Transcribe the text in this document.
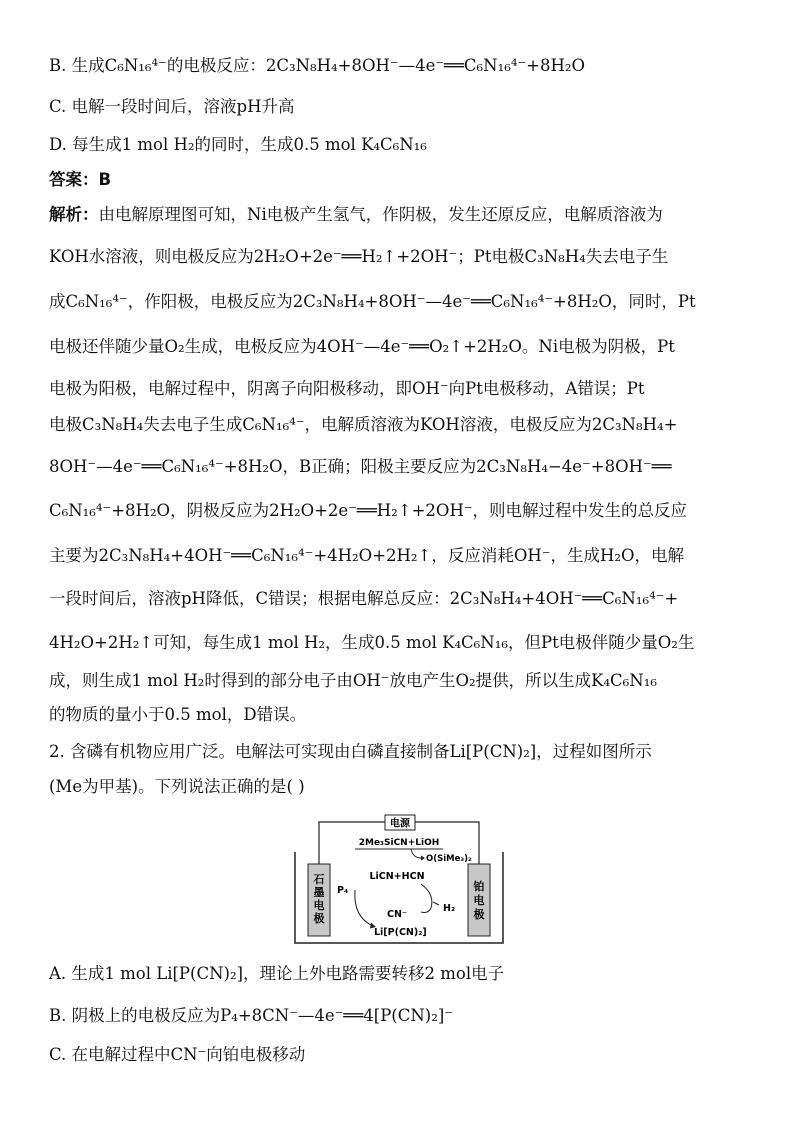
B. 生成C₆N₁₆⁴⁻的电极反应：2C₃N₈H₄+8OH⁻—4e⁻══C₆N₁₆⁴⁻+8H₂O
C. 电解一段时间后，溶液pH升高
D. 每生成1 mol H₂的同时，生成0.5 mol K₄C₆N₁₆
答案：B
解析：由电解原理图可知，Ni电极产生氢气，作阴极，发生还原反应，电解质溶液为
KOH水溶液，则电极反应为2H₂O+2e⁻══H₂↑+2OH⁻；Pt电极C₃N₈H₄失去电子生
成C₆N₁₆⁴⁻，作阳极，电极反应为2C₃N₈H₄+8OH⁻—4e⁻══C₆N₁₆⁴⁻+8H₂O，同时，Pt
电极还伴随少量O₂生成，电极反应为4OH⁻—4e⁻══O₂↑+2H₂O。Ni电极为阴极，Pt
电极为阳极，电解过程中，阴离子向阳极移动，即OH⁻向Pt电极移动，A错误；Pt
电极C₃N₈H₄失去电子生成C₆N₁₆⁴⁻，电解质溶液为KOH溶液，电极反应为2C₃N₈H₄+
8OH⁻—4e⁻══C₆N₁₆⁴⁻+8H₂O，B正确；阳极主要反应为2C₃N₈H₄−4e⁻+8OH⁻══
C₆N₁₆⁴⁻+8H₂O，阴极反应为2H₂O+2e⁻══H₂↑+2OH⁻，则电解过程中发生的总反应
主要为2C₃N₈H₄+4OH⁻══C₆N₁₆⁴⁻+4H₂O+2H₂↑，反应消耗OH⁻，生成H₂O，电解
一段时间后，溶液pH降低，C错误；根据电解总反应：2C₃N₈H₄+4OH⁻══C₆N₁₆⁴⁻+
4H₂O+2H₂↑可知，每生成1 mol H₂，生成0.5 mol K₄C₆N₁₆，但Pt电极伴随少量O₂生
成，则生成1 mol H₂时得到的部分电子由OH⁻放电产生O₂提供，所以生成K₄C₆N₁₆
的物质的量小于0.5 mol，D错误。
2. 含磷有机物应用广泛。电解法可实现由白磷直接制备Li[P(CN)₂]，过程如图所示
(Me为甲基)。下列说法正确的是( )
电源
石
墨
电
极
铂
电
极
2Me₃SiCN+LiOH
O(SiMe₃)₂
LiCN+HCN
P₄
H₂
CN⁻
Li[P(CN)₂]
A. 生成1 mol Li[P(CN)₂]，理论上外电路需要转移2 mol电子
B. 阴极上的电极反应为P₄+8CN⁻—4e⁻══4[P(CN)₂]⁻
C. 在电解过程中CN⁻向铂电极移动
